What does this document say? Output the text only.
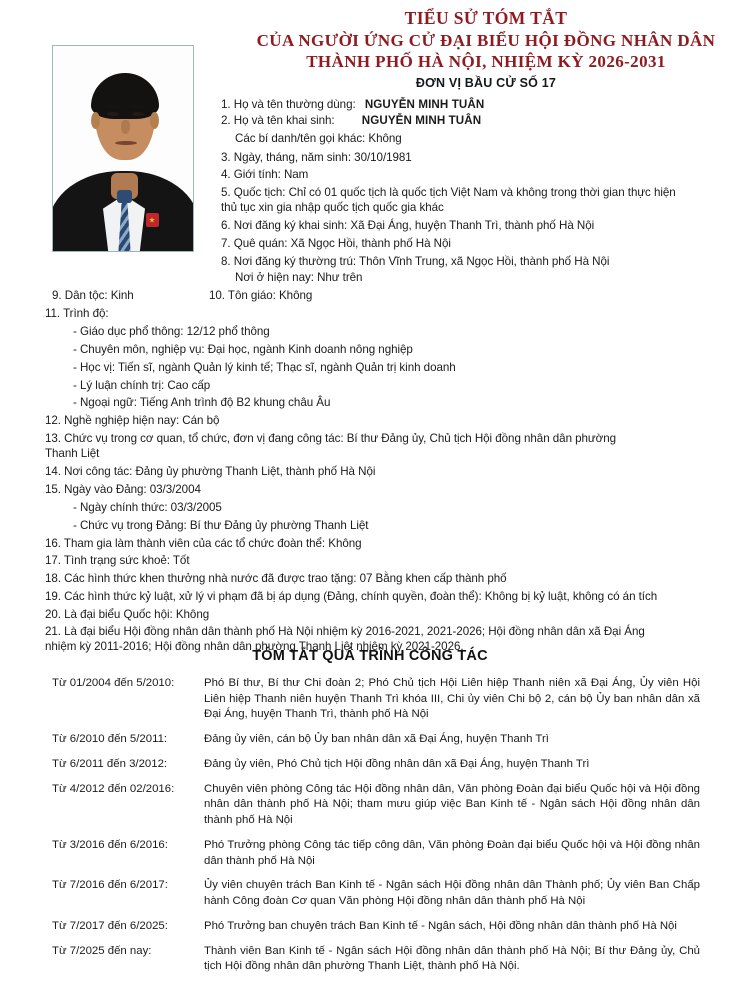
TIỂU SỬ TÓM TẮT
CỦA NGƯỜI ỨNG CỬ ĐẠI BIỂU HỘI ĐỒNG NHÂN DÂN
THÀNH PHỐ HÀ NỘI, NHIỆM KỲ 2026-2031
ĐƠN VỊ BẦU CỬ SỐ 17
1. Họ và tên thường dùng: NGUYỄN MINH TUÂN
2. Họ và tên khai sinh: NGUYỄN MINH TUÂN
Các bí danh/tên gọi khác: Không
3. Ngày, tháng, năm sinh: 30/10/1981
4. Giới tính: Nam
5. Quốc tịch: Chỉ có 01 quốc tịch là quốc tịch Việt Nam và không trong thời gian thực hiện
thủ tục xin gia nhập quốc tịch quốc gia khác
6. Nơi đăng ký khai sinh: Xã Đại Áng, huyện Thanh Trì, thành phố Hà Nội
7. Quê quán: Xã Ngọc Hồi, thành phố Hà Nội
8. Nơi đăng ký thường trú: Thôn Vĩnh Trung, xã Ngọc Hồi, thành phố Hà Nội
Nơi ở hiện nay: Như trên
9. Dân tộc: Kinh	10. Tôn giáo: Không
11. Trình độ:
- Giáo dục phổ thông: 12/12 phổ thông
- Chuyên môn, nghiệp vụ: Đại học, ngành Kinh doanh nông nghiệp
- Học vị: Tiến sĩ, ngành Quản lý kinh tế; Thạc sĩ, ngành Quản trị kinh doanh
- Lý luận chính trị: Cao cấp
- Ngoại ngữ: Tiếng Anh trình độ B2 khung châu Âu
12. Nghề nghiệp hiện nay: Cán bộ
13. Chức vụ trong cơ quan, tổ chức, đơn vị đang công tác: Bí thư Đảng ủy, Chủ tịch Hội đồng nhân dân phường
Thanh Liệt
14. Nơi công tác: Đảng ủy phường Thanh Liệt, thành phố Hà Nội
15. Ngày vào Đảng: 03/3/2004
- Ngày chính thức: 03/3/2005
- Chức vụ trong Đảng: Bí thư Đảng ủy phường Thanh Liệt
16. Tham gia làm thành viên của các tổ chức đoàn thể: Không
17. Tình trạng sức khoẻ: Tốt
18. Các hình thức khen thưởng nhà nước đã được trao tặng: 07 Bằng khen cấp thành phố
19. Các hình thức kỷ luật, xử lý vi phạm đã bị áp dụng (Đảng, chính quyền, đoàn thể): Không bị kỷ luật, không có án tích
20. Là đại biểu Quốc hội: Không
21. Là đại biểu Hội đồng nhân dân thành phố Hà Nội nhiệm kỳ 2016-2021, 2021-2026; Hội đồng nhân dân xã Đại Áng
nhiệm kỳ 2011-2016; Hội đồng nhân dân phường Thanh Liệt nhiệm kỳ 2021-2026.
TÓM TẮT QUÁ TRÌNH CÔNG TÁC
Từ 01/2004 đến 5/2010:	Phó Bí thư, Bí thư Chi đoàn 2; Phó Chủ tịch Hội Liên hiệp Thanh niên xã Đại Áng, Ủy viên Hội Liên hiệp Thanh niên huyện Thanh Trì khóa III, Chi ủy viên Chi bộ 2, cán bộ Ủy ban nhân dân xã Đại Áng, huyện Thanh Trì, thành phố Hà Nội
Từ 6/2010 đến 5/2011:	Đảng ủy viên, cán bộ Ủy ban nhân dân xã Đại Áng, huyện Thanh Trì
Từ 6/2011 đến 3/2012:	Đảng ủy viên, Phó Chủ tịch Hội đồng nhân dân xã Đại Áng, huyện Thanh Trì
Từ 4/2012 đến 02/2016:	Chuyên viên phòng Công tác Hội đồng nhân dân, Văn phòng Đoàn đại biểu Quốc hội và Hội đồng nhân dân thành phố Hà Nội; tham mưu giúp việc Ban Kinh tế - Ngân sách Hội đồng nhân dân thành phố Hà Nội
Từ 3/2016 đến 6/2016:	Phó Trưởng phòng Công tác tiếp công dân, Văn phòng Đoàn đại biểu Quốc hội và Hội đồng nhân dân thành phố Hà Nội
Từ 7/2016 đến 6/2017:	Ủy viên chuyên trách Ban Kinh tế - Ngân sách Hội đồng nhân dân Thành phố; Ủy viên Ban Chấp hành Công đoàn Cơ quan Văn phòng Hội đồng nhân dân thành phố Hà Nội
Từ 7/2017 đến 6/2025:	Phó Trưởng ban chuyên trách Ban Kinh tế - Ngân sách, Hội đồng nhân dân thành phố Hà Nội
Từ 7/2025 đến nay:	Thành viên Ban Kinh tế - Ngân sách Hội đồng nhân dân thành phố Hà Nội; Bí thư Đảng ủy, Chủ tịch Hội đồng nhân dân phường Thanh Liệt, thành phố Hà Nội.
